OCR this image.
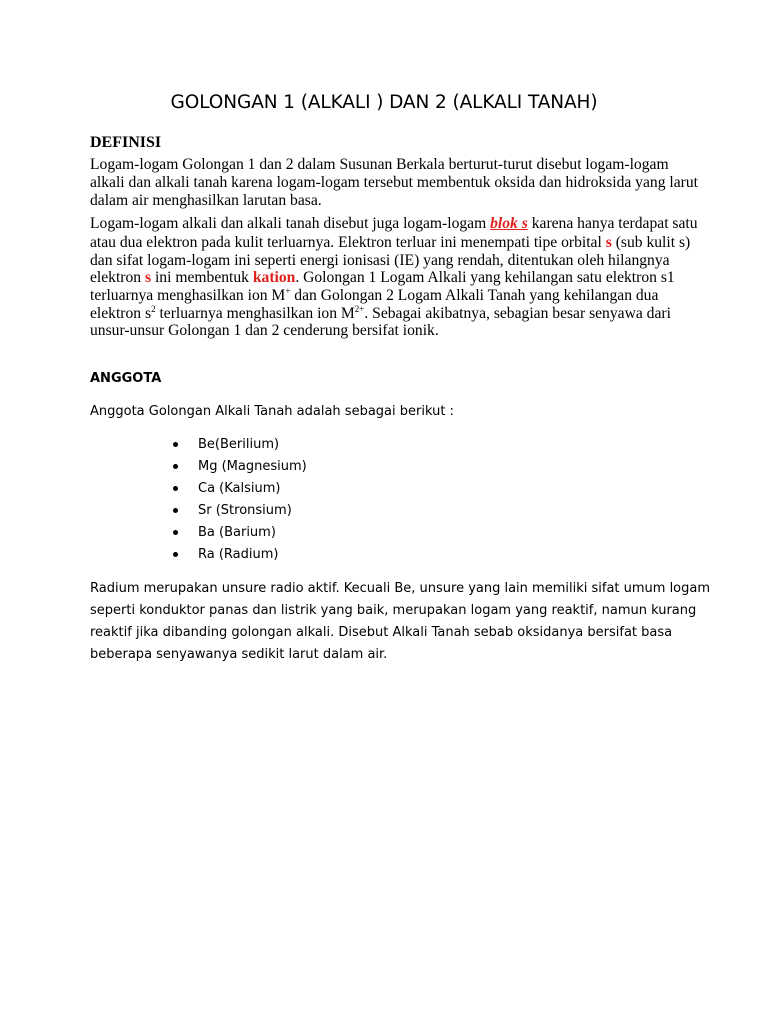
GOLONGAN 1 (ALKALI ) DAN 2 (ALKALI TANAH)
DEFINISI
Logam-logam Golongan 1 dan 2 dalam Susunan Berkala berturut-turut disebut logam-logam
alkali dan alkali tanah karena logam-logam tersebut membentuk oksida dan hidroksida yang larut
dalam air menghasilkan larutan basa.
Logam-logam alkali dan alkali tanah disebut juga logam-logam blok s karena hanya terdapat satu
atau dua elektron pada kulit terluarnya. Elektron terluar ini menempati tipe orbital s (sub kulit s)
dan sifat logam-logam ini seperti energi ionisasi (IE) yang rendah, ditentukan oleh hilangnya
elektron s ini membentuk kation. Golongan 1 Logam Alkali yang kehilangan satu elektron s1
terluarnya menghasilkan ion M+ dan Golongan 2 Logam Alkali Tanah yang kehilangan dua
elektron $s^2$ terluarnya menghasilkan ion $M^{2+}$. Sebagai akibatnya, sebagian besar senyawa dari
unsur-unsur Golongan 1 dan 2 cenderung bersifat ionik.
ANGGOTA
Anggota Golongan Alkali Tanah adalah sebagai berikut :
Be(Berilium)
Mg (Magnesium)
Ca (Kalsium)
Sr (Stronsium)
Ba (Barium)
Ra (Radium)
Radium merupakan unsure radio aktif. Kecuali Be, unsure yang lain memiliki sifat umum logam
seperti konduktor panas dan listrik yang baik, merupakan logam yang reaktif, namun kurang
reaktif jika dibanding golongan alkali. Disebut Alkali Tanah sebab oksidanya bersifat basa
beberapa senyawanya sedikit larut dalam air.
